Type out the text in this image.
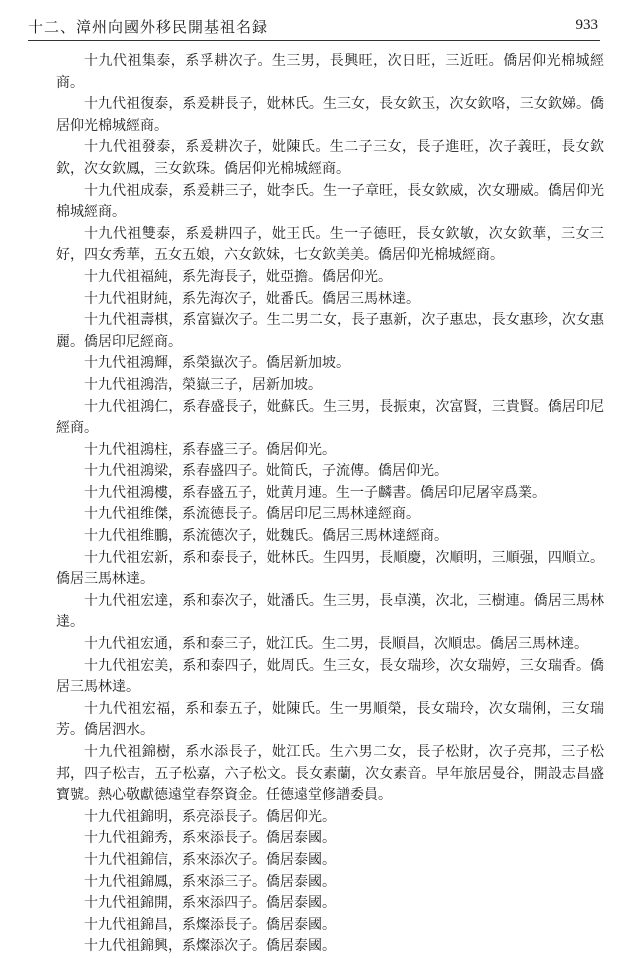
十二、漳州向國外移民開基祖名録	933

十九代祖集泰，系孚耕次子。生三男，長興旺，次日旺，三近旺。僑居仰光棉城經商。

十九代祖復泰，系爰耕長子，妣林氏。生三女，長女欽玉，次女欽咯，三女欽娣。僑居仰光棉城經商。

十九代祖發泰，系爰耕次子，妣陳氏。生二子三女，長子進旺，次子義旺，長女欽欽，次女欽鳳，三女欽珠。僑居仰光棉城經商。

十九代祖成泰，系爰耕三子，妣李氏。生一子章旺，長女欽威，次女珊威。僑居仰光棉城經商。

十九代祖雙泰，系爰耕四子，妣王氏。生一子德旺，長女欽敏，次女欽華，三女三好，四女秀華，五女五娘，六女欽妹，七女欽美美。僑居仰光棉城經商。

十九代祖福純，系先海長子，妣亞擔。僑居仰光。

十九代祖財純，系先海次子，妣番氏。僑居三馬林達。

十九代祖壽棋，系富嶽次子。生二男二女，長子惠新，次子惠忠，長女惠珍，次女惠麗。僑居印尼經商。

十九代祖鴻輝，系榮嶽次子。僑居新加坡。

十九代祖鴻浩，榮嶽三子，居新加坡。

十九代祖鴻仁，系春盛長子，妣蘇氏。生三男，長振東，次富賢，三貴賢。僑居印尼經商。

十九代祖鴻柱，系春盛三子。僑居仰光。

十九代祖鴻梁，系春盛四子。妣简氏，子流傳。僑居仰光。

十九代祖鴻樓，系春盛五子，妣黄月連。生一子麟書。僑居印尼屠宰爲業。

十九代祖维傑，系流德長子。僑居印尼三馬林達經商。

十九代祖维鵬，系流德次子，妣魏氏。僑居三馬林達經商。

十九代祖宏新，系和泰長子，妣林氏。生四男，長順慶，次順明，三順强，四順立。僑居三馬林達。

十九代祖宏達，系和泰次子，妣潘氏。生三男，長卓漢，次北，三樹連。僑居三馬林達。

十九代祖宏通，系和泰三子，妣江氏。生二男，長順昌，次順忠。僑居三馬林達。

十九代祖宏美，系和泰四子，妣周氏。生三女，長女瑞珍，次女瑞婷，三女瑞香。僑居三馬林達。

十九代祖宏福，系和泰五子，妣陳氏。生一男順榮，長女瑞玲，次女瑞俐，三女瑞芳。僑居泗水。

十九代祖錦樹，系水添長子，妣江氏。生六男二女，長子松財，次子亮邦，三子松邦，四子松吉，五子松嘉，六子松文。長女素蘭，次女素音。早年旅居曼谷，開設志昌盛寶號。熱心敬獻德遠堂春祭資金。任德遠堂修譜委員。

十九代祖錦明，系亮添長子。僑居仰光。

十九代祖錦秀，系來添長子。僑居泰國。

十九代祖錦信，系來添次子。僑居泰國。

十九代祖錦鳳，系來添三子。僑居泰國。

十九代祖錦開，系來添四子。僑居泰國。

十九代祖錦昌，系燦添長子。僑居泰國。

十九代祖錦興，系燦添次子。僑居泰國。
